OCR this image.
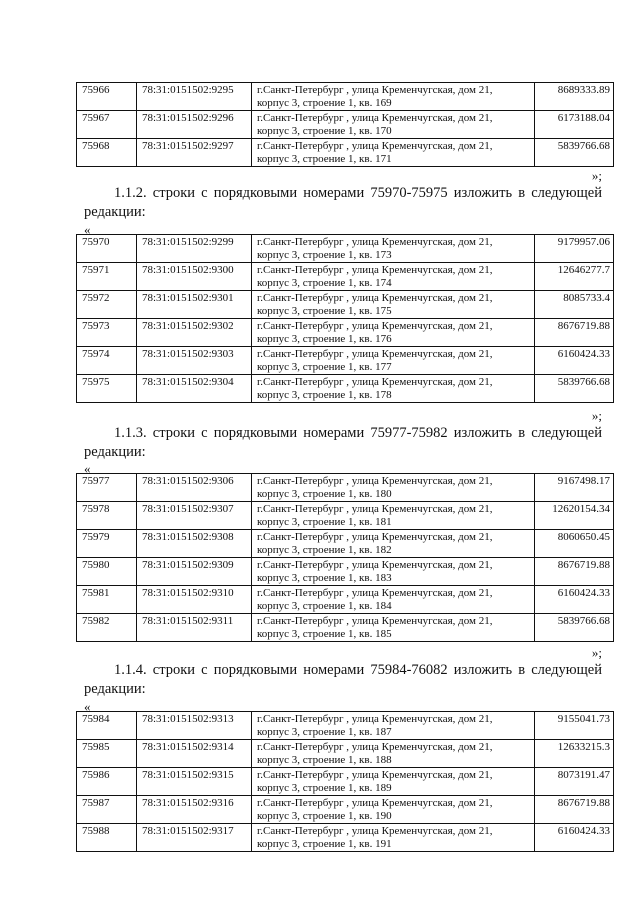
75966	78:31:0151502:9295	г.Санкт-Петербург , улица Кременчугская, дом 21,
корпус 3, строение 1, кв. 169	8689333.89
75967	78:31:0151502:9296	г.Санкт-Петербург , улица Кременчугская, дом 21,
корпус 3, строение 1, кв. 170	6173188.04
75968	78:31:0151502:9297	г.Санкт-Петербург , улица Кременчугская, дом 21,
корпус 3, строение 1, кв. 171	5839766.68
»;
1.1.2. строки с порядковыми номерами 75970-75975 изложить в следующей
редакции:
«
75970	78:31:0151502:9299	г.Санкт-Петербург , улица Кременчугская, дом 21,
корпус 3, строение 1, кв. 173	9179957.06
75971	78:31:0151502:9300	г.Санкт-Петербург , улица Кременчугская, дом 21,
корпус 3, строение 1, кв. 174	12646277.7
75972	78:31:0151502:9301	г.Санкт-Петербург , улица Кременчугская, дом 21,
корпус 3, строение 1, кв. 175	8085733.4
75973	78:31:0151502:9302	г.Санкт-Петербург , улица Кременчугская, дом 21,
корпус 3, строение 1, кв. 176	8676719.88
75974	78:31:0151502:9303	г.Санкт-Петербург , улица Кременчугская, дом 21,
корпус 3, строение 1, кв. 177	6160424.33
75975	78:31:0151502:9304	г.Санкт-Петербург , улица Кременчугская, дом 21,
корпус 3, строение 1, кв. 178	5839766.68
»;
1.1.3. строки с порядковыми номерами 75977-75982 изложить в следующей
редакции:
«
75977	78:31:0151502:9306	г.Санкт-Петербург , улица Кременчугская, дом 21,
корпус 3, строение 1, кв. 180	9167498.17
75978	78:31:0151502:9307	г.Санкт-Петербург , улица Кременчугская, дом 21,
корпус 3, строение 1, кв. 181	12620154.34
75979	78:31:0151502:9308	г.Санкт-Петербург , улица Кременчугская, дом 21,
корпус 3, строение 1, кв. 182	8060650.45
75980	78:31:0151502:9309	г.Санкт-Петербург , улица Кременчугская, дом 21,
корпус 3, строение 1, кв. 183	8676719.88
75981	78:31:0151502:9310	г.Санкт-Петербург , улица Кременчугская, дом 21,
корпус 3, строение 1, кв. 184	6160424.33
75982	78:31:0151502:9311	г.Санкт-Петербург , улица Кременчугская, дом 21,
корпус 3, строение 1, кв. 185	5839766.68
»;
1.1.4. строки с порядковыми номерами 75984-76082 изложить в следующей
редакции:
«
75984	78:31:0151502:9313	г.Санкт-Петербург , улица Кременчугская, дом 21,
корпус 3, строение 1, кв. 187	9155041.73
75985	78:31:0151502:9314	г.Санкт-Петербург , улица Кременчугская, дом 21,
корпус 3, строение 1, кв. 188	12633215.3
75986	78:31:0151502:9315	г.Санкт-Петербург , улица Кременчугская, дом 21,
корпус 3, строение 1, кв. 189	8073191.47
75987	78:31:0151502:9316	г.Санкт-Петербург , улица Кременчугская, дом 21,
корпус 3, строение 1, кв. 190	8676719.88
75988	78:31:0151502:9317	г.Санкт-Петербург , улица Кременчугская, дом 21,
корпус 3, строение 1, кв. 191	6160424.33
